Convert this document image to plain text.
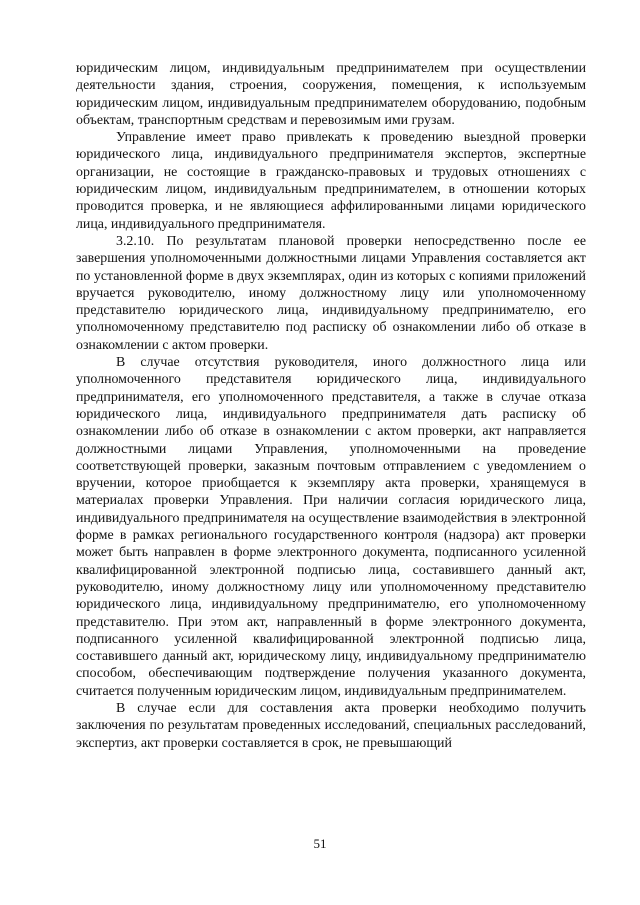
юридическим лицом, индивидуальным предпринимателем при осуществлении деятельности здания, строения, сооружения, помещения, к используемым юридическим лицом, индивидуальным предпринимателем оборудованию, подобным объектам, транспортным средствам и перевозимым ими грузам.

Управление имеет право привлекать к проведению выездной проверки юридического лица, индивидуального предпринимателя экспертов, экспертные организации, не состоящие в гражданско-правовых и трудовых отношениях с юридическим лицом, индивидуальным предпринимателем, в отношении которых проводится проверка, и не являющиеся аффилированными лицами юридического лица, индивидуального предпринимателя.

3.2.10. По результатам плановой проверки непосредственно после ее завершения уполномоченными должностными лицами Управления составляется акт по установленной форме в двух экземплярах, один из которых с копиями приложений вручается руководителю, иному должностному лицу или уполномоченному представителю юридического лица, индивидуальному предпринимателю, его уполномоченному представителю под расписку об ознакомлении либо об отказе в ознакомлении с актом проверки.

В случае отсутствия руководителя, иного должностного лица или уполномоченного представителя юридического лица, индивидуального предпринимателя, его уполномоченного представителя, а также в случае отказа юридического лица, индивидуального предпринимателя дать расписку об ознакомлении либо об отказе в ознакомлении с актом проверки, акт направляется должностными лицами Управления, уполномоченными на проведение соответствующей проверки, заказным почтовым отправлением с уведомлением о вручении, которое приобщается к экземпляру акта проверки, хранящемуся в материалах проверки Управления. При наличии согласия юридического лица, индивидуального предпринимателя на осуществление взаимодействия в электронной форме в рамках регионального государственного контроля (надзора) акт проверки может быть направлен в форме электронного документа, подписанного усиленной квалифицированной электронной подписью лица, составившего данный акт, руководителю, иному должностному лицу или уполномоченному представителю юридического лица, индивидуальному предпринимателю, его уполномоченному представителю. При этом акт, направленный в форме электронного документа, подписанного усиленной квалифицированной электронной подписью лица, составившего данный акт, юридическому лицу, индивидуальному предпринимателю способом, обеспечивающим подтверждение получения указанного документа, считается полученным юридическим лицом, индивидуальным предпринимателем.

В случае если для составления акта проверки необходимо получить заключения по результатам проведенных исследований, специальных расследований, экспертиз, акт проверки составляется в срок, не превышающий

51
